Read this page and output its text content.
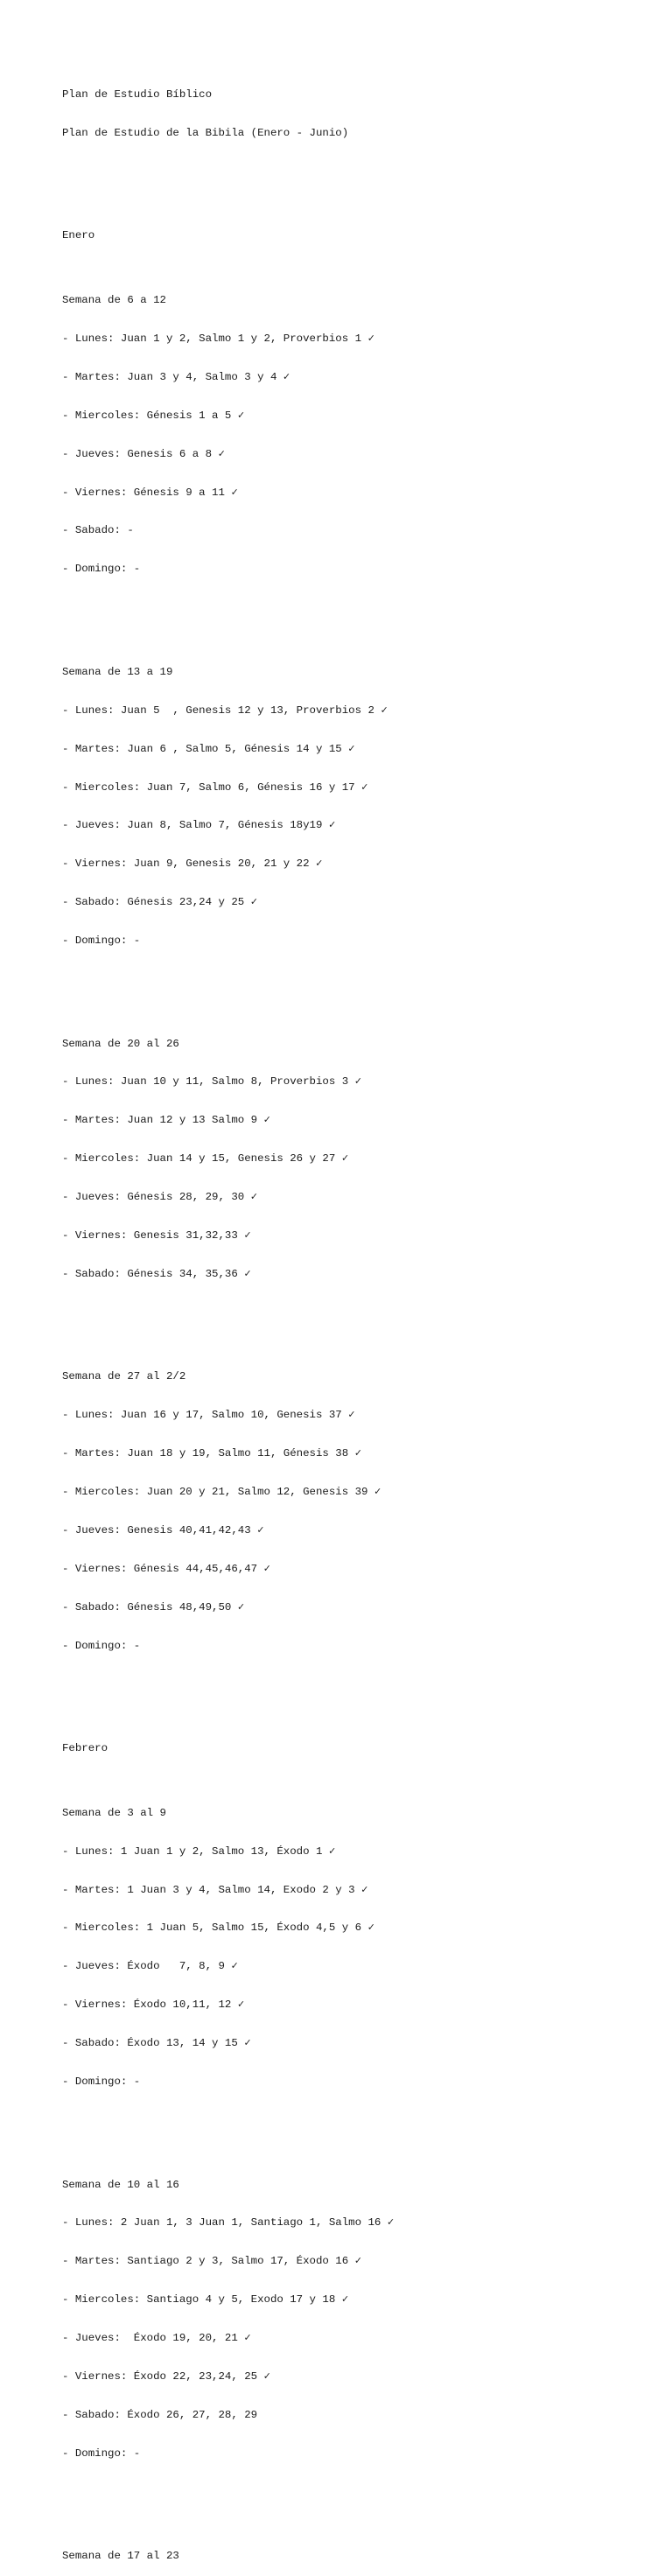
Plan de Estudio Bíblico

Plan de Estudio de la Bibila (Enero - Junio)

Enero

Semana de 6 a 12

- Lunes: Juan 1 y 2, Salmo 1 y 2, Proverbios 1 ✓

- Martes: Juan 3 y 4, Salmo 3 y 4 ✓

- Miercoles: Génesis 1 a 5 ✓

- Jueves: Genesis 6 a 8 ✓

- Viernes: Génesis 9 a 11 ✓

- Sabado: -

- Domingo: -

Semana de 13 a 19

- Lunes: Juan 5  , Genesis 12 y 13, Proverbios 2 ✓

- Martes: Juan 6 , Salmo 5, Génesis 14 y 15 ✓

- Miercoles: Juan 7, Salmo 6, Génesis 16 y 17 ✓

- Jueves: Juan 8, Salmo 7, Génesis 18y19 ✓

- Viernes: Juan 9, Genesis 20, 21 y 22 ✓

- Sabado: Génesis 23,24 y 25 ✓

- Domingo: -

Semana de 20 al 26

- Lunes: Juan 10 y 11, Salmo 8, Proverbios 3 ✓

- Martes: Juan 12 y 13 Salmo 9 ✓

- Miercoles: Juan 14 y 15, Genesis 26 y 27 ✓

- Jueves: Génesis 28, 29, 30 ✓

- Viernes: Genesis 31,32,33 ✓

- Sabado: Génesis 34, 35,36 ✓

Semana de 27 al 2/2

- Lunes: Juan 16 y 17, Salmo 10, Genesis 37 ✓

- Martes: Juan 18 y 19, Salmo 11, Génesis 38 ✓

- Miercoles: Juan 20 y 21, Salmo 12, Genesis 39 ✓

- Jueves: Genesis 40,41,42,43 ✓

- Viernes: Génesis 44,45,46,47 ✓

- Sabado: Génesis 48,49,50 ✓

- Domingo: -

Febrero

Semana de 3 al 9

- Lunes: 1 Juan 1 y 2, Salmo 13, Éxodo 1 ✓

- Martes: 1 Juan 3 y 4, Salmo 14, Exodo 2 y 3 ✓

- Miercoles: 1 Juan 5, Salmo 15, Éxodo 4,5 y 6 ✓

- Jueves: Éxodo   7, 8, 9 ✓

- Viernes: Éxodo 10,11, 12 ✓

- Sabado: Éxodo 13, 14 y 15 ✓

- Domingo: -

Semana de 10 al 16

- Lunes: 2 Juan 1, 3 Juan 1, Santiago 1, Salmo 16 ✓

- Martes: Santiago 2 y 3, Salmo 17, Éxodo 16 ✓

- Miercoles: Santiago 4 y 5, Exodo 17 y 18 ✓

- Jueves:  Éxodo 19, 20, 21 ✓

- Viernes: Éxodo 22, 23,24, 25 ✓

- Sabado: Éxodo 26, 27, 28, 29

- Domingo: -

Semana de 17 al 23
